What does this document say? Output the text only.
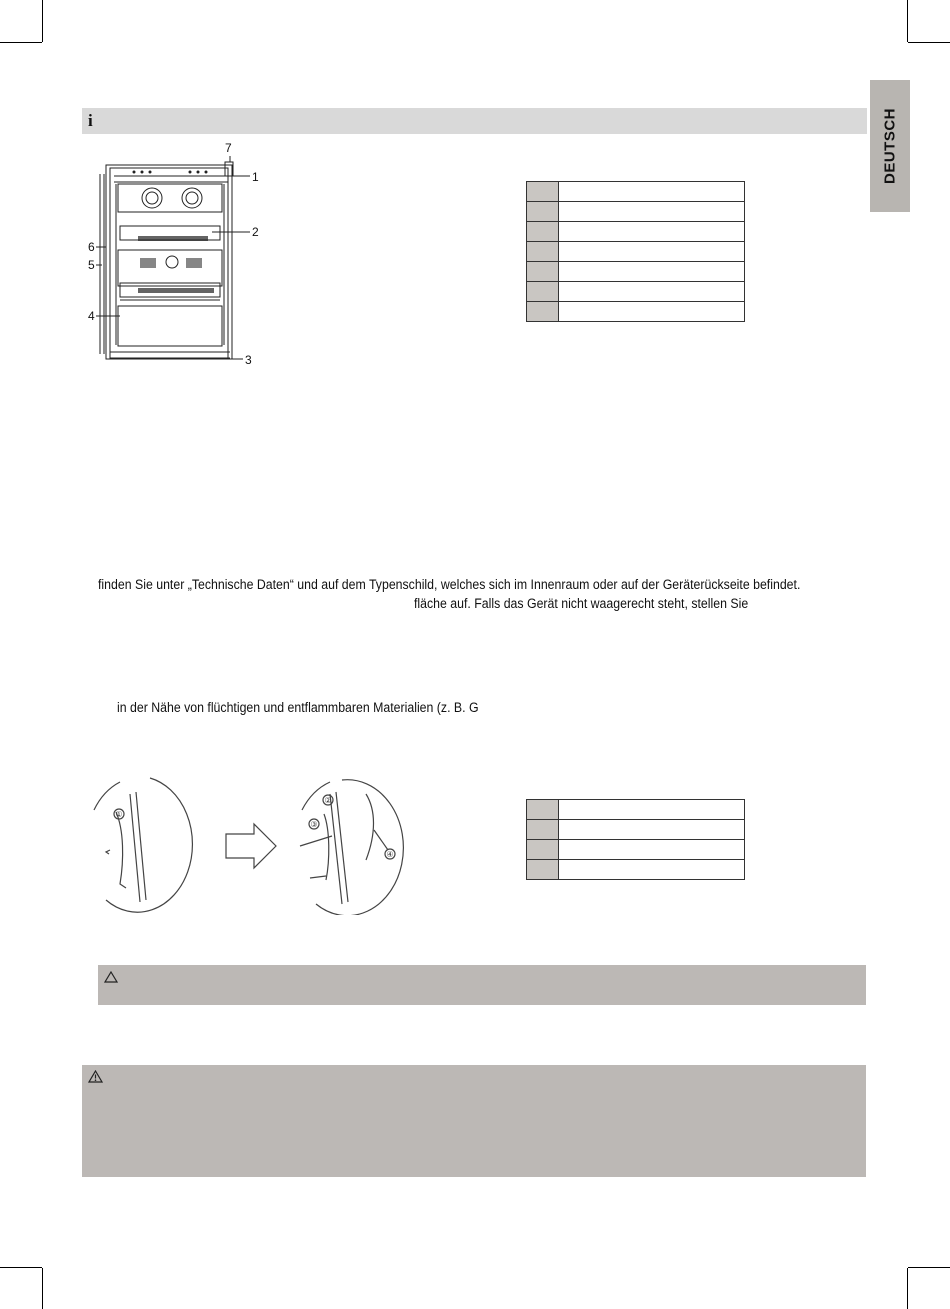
DEUTSCH
i
1
2
3
4
5
6
7

finden Sie unter „Technische Daten“ und auf dem Typenschild, welches sich im Innenraum oder auf der Geräterückseite befindet.
fläche auf. Falls das Gerät nicht waagerecht steht, stellen Sie
in der Nähe von flüchtigen und entflammbaren Materialien (z. B. G
①
②
③
④
